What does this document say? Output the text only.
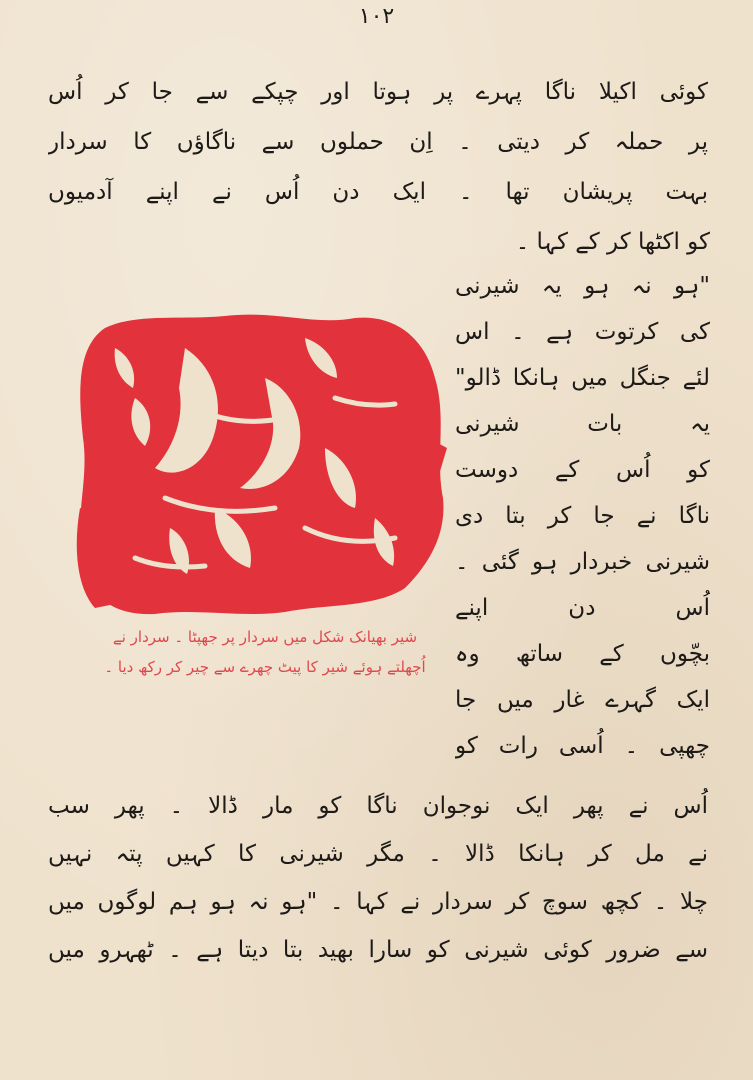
١٠٢
کوئی اکیلا ناگا پہرے پر ہوتا اور چپکے سے جا کر اُس
پر حملہ کر دیتی ۔ اِن حملوں سے ناگاؤں کا سردار
بہت پریشان تھا ۔ ایک دن اُس نے اپنے آدمیوں
کو اکٹھا کر کے کہا ۔
"ہو نہ ہو یہ شیرنی
کی کرتوت ہے ۔ اس
لئے جنگل میں ہانکا ڈالو"
یہ بات شیرنی
کو اُس کے دوست
ناگا نے جا کر بتا دی
شیرنی خبردار ہو گئی ۔
اُس دن اپنے
بچّوں کے ساتھ وہ
ایک گہرے غار میں جا
چھپی ۔ اُسی رات کو
شیر بھیانک شکل میں سردار پر جھپٹا ۔ سردار نے
اُچھلتے ہوئے شیر کا پیٹ چھرے سے چیر کر رکھ دیا ۔
اُس نے پھر ایک نوجوان ناگا کو مار ڈالا ۔ پھر سب
نے مل کر ہانکا ڈالا ۔ مگر شیرنی کا کہیں پتہ نہیں
چلا ۔ کچھ سوچ کر سردار نے کہا ۔ "ہو نہ ہو ہم لوگوں میں
سے ضرور کوئی شیرنی کو سارا بھید بتا دیتا ہے ۔ ٹھہرو میں
